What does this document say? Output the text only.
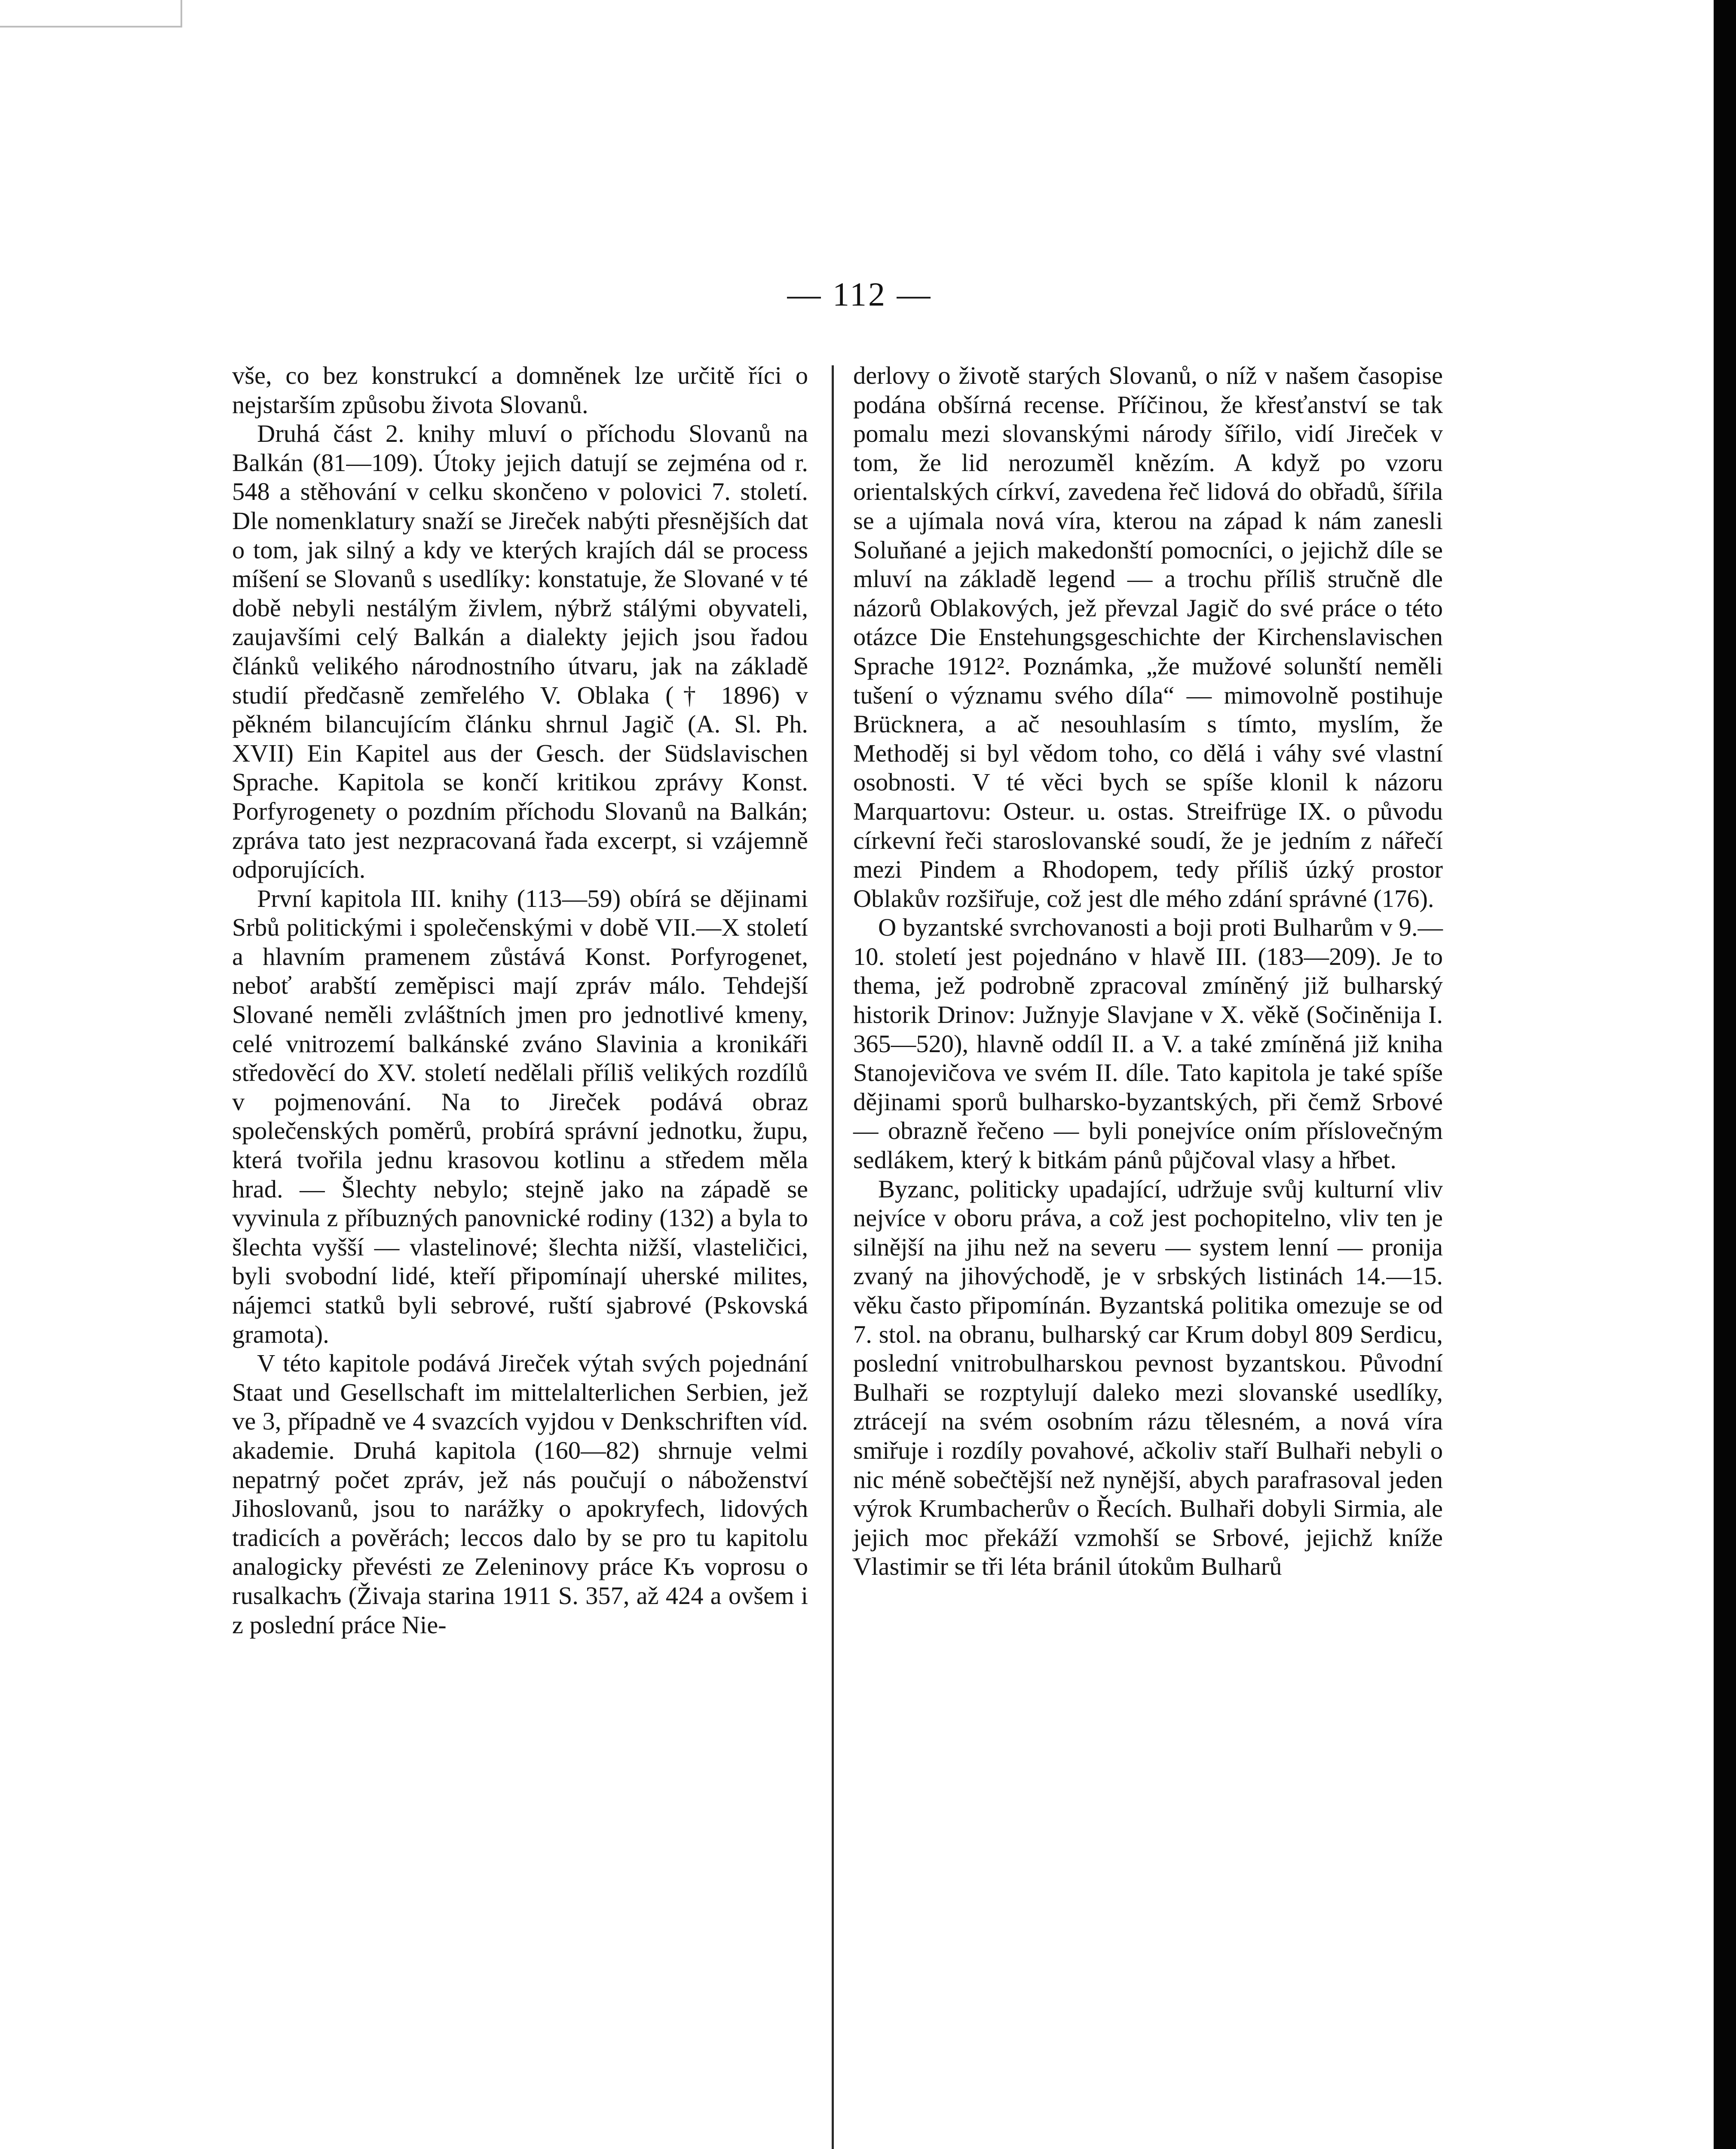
— 112 —

vše, co bez konstrukcí a domněnek lze určitě říci o nejstarším způsobu života Slovanů.

Druhá část 2. knihy mluví o příchodu Slovanů na Balkán (81—109). Útoky jejich datují se zejména od r. 548 a stěhování v celku skončeno v polovici 7. století. Dle nomenklatury snaží se Jireček nabýti přesnějších dat o tom, jak silný a kdy ve kterých krajích dál se process míšení se Slovanů s usedlíky: konstatuje, že Slované v té době nebyli nestálým živlem, nýbrž stálými obyvateli, zaujavšími celý Balkán a dialekty jejich jsou řadou článků velikého národnostního útvaru, jak na základě studií předčasně zemřelého V. Oblaka († 1896) v pěkném bilancujícím článku shrnul Jagič (A. Sl. Ph. XVII) Ein Kapitel aus der Gesch. der Südslavischen Sprache. Kapitola se končí kritikou zprávy Konst. Porfyrogenety o pozdním příchodu Slovanů na Balkán; zpráva tato jest nezpracovaná řada excerpt, si vzájemně odporujících.

První kapitola III. knihy (113—59) obírá se dějinami Srbů politickými i společenskými v době VII.—X století a hlavním pramenem zůstává Konst. Porfyrogenet, neboť arabští zeměpisci mají zpráv málo. Tehdejší Slované neměli zvláštních jmen pro jednotlivé kmeny, celé vnitrozemí balkánské zváno Slavinia a kronikáři středověcí do XV. století nedělali příliš velikých rozdílů v pojmenování. Na to Jireček podává obraz společenských poměrů, probírá správní jednotku, župu, která tvořila jednu krasovou kotlinu a středem měla hrad. — Šlechty nebylo; stejně jako na západě se vyvinula z příbuzných panovnické rodiny (132) a byla to šlechta vyšší — vlastelinové; šlechta nižší, vlasteličici, byli svobodní lidé, kteří připomínají uherské milites, nájemci statků byli sebrové, ruští sjabrové (Pskovská gramota).

V této kapitole podává Jireček výtah svých pojednání Staat und Gesellschaft im mittelalterlichen Serbien, jež ve 3, případně ve 4 svazcích vyjdou v Denkschriften víd. akademie. Druhá kapitola (160—82) shrnuje velmi nepatrný počet zpráv, jež nás poučují o náboženství Jihoslovanů, jsou to narážky o apokryfech, lidových tradicích a pověrách; leccos dalo by se pro tu kapitolu analogicky převésti ze Zeleninovy práce Kъ voprosu o rusalkachъ (Živaja starina 1911 S. 357, až 424 a ovšem i z poslední práce Nie-

derlovy o životě starých Slovanů, o níž v našem časopise podána obšírná recense. Příčinou, že křesťanství se tak pomalu mezi slovanskými národy šířilo, vidí Jireček v tom, že lid nerozuměl knězím. A když po vzoru orientalských církví, zavedena řeč lidová do obřadů, šířila se a ujímala nová víra, kterou na západ k nám zanesli Soluňané a jejich makedonští pomocníci, o jejichž díle se mluví na základě legend — a trochu příliš stručně dle názorů Oblakových, jež převzal Jagič do své práce o této otázce Die Enstehungsgeschichte der Kirchenslavischen Sprache 1912². Poznámka, „že mužové solunští neměli tušení o významu svého díla“ — mimovolně postihuje Brücknera, a ač nesouhlasím s tímto, myslím, že Methoděj si byl vědom toho, co dělá i váhy své vlastní osobnosti. V té věci bych se spíše klonil k názoru Marquartovu: Osteur. u. ostas. Streifrüge IX. o původu církevní řeči staroslovanské soudí, že je jedním z nářečí mezi Pindem a Rhodopem, tedy příliš úzký prostor Oblakův rozšiřuje, což jest dle mého zdání správné (176).

O byzantské svrchovanosti a boji proti Bulharům v 9.—10. století jest pojednáno v hlavě III. (183—209). Je to thema, jež podrobně zpracoval zmíněný již bulharský historik Drinov: Južnyje Slavjane v X. věkě (Sočiněnija I. 365—520), hlavně oddíl II. a V. a také zmíněná již kniha Stanojevičova ve svém II. díle. Tato kapitola je také spíše dějinami sporů bulharsko-byzantských, při čemž Srbové — obrazně řečeno — byli ponejvíce oním příslovečným sedlákem, který k bitkám pánů půjčoval vlasy a hřbet.

Byzanc, politicky upadající, udržuje svůj kulturní vliv nejvíce v oboru práva, a což jest pochopitelno, vliv ten je silnější na jihu než na severu — system lenní — pronija zvaný na jihovýchodě, je v srbských listinách 14.—15. věku často připomínán. Byzantská politika omezuje se od 7. stol. na obranu, bulharský car Krum dobyl 809 Serdicu, poslední vnitrobulharskou pevnost byzantskou. Původní Bulhaři se rozptylují daleko mezi slovanské usedlíky, ztrácejí na svém osobním rázu tělesném, a nová víra smiřuje i rozdíly povahové, ačkoliv staří Bulhaři nebyli o nic méně sobečtější než nynější, abych parafrasoval jeden výrok Krumbacherův o Řecích. Bulhaři dobyli Sirmia, ale jejich moc překáží vzmohší se Srbové, jejichž kníže Vlastimir se tři léta bránil útokům Bulharů
